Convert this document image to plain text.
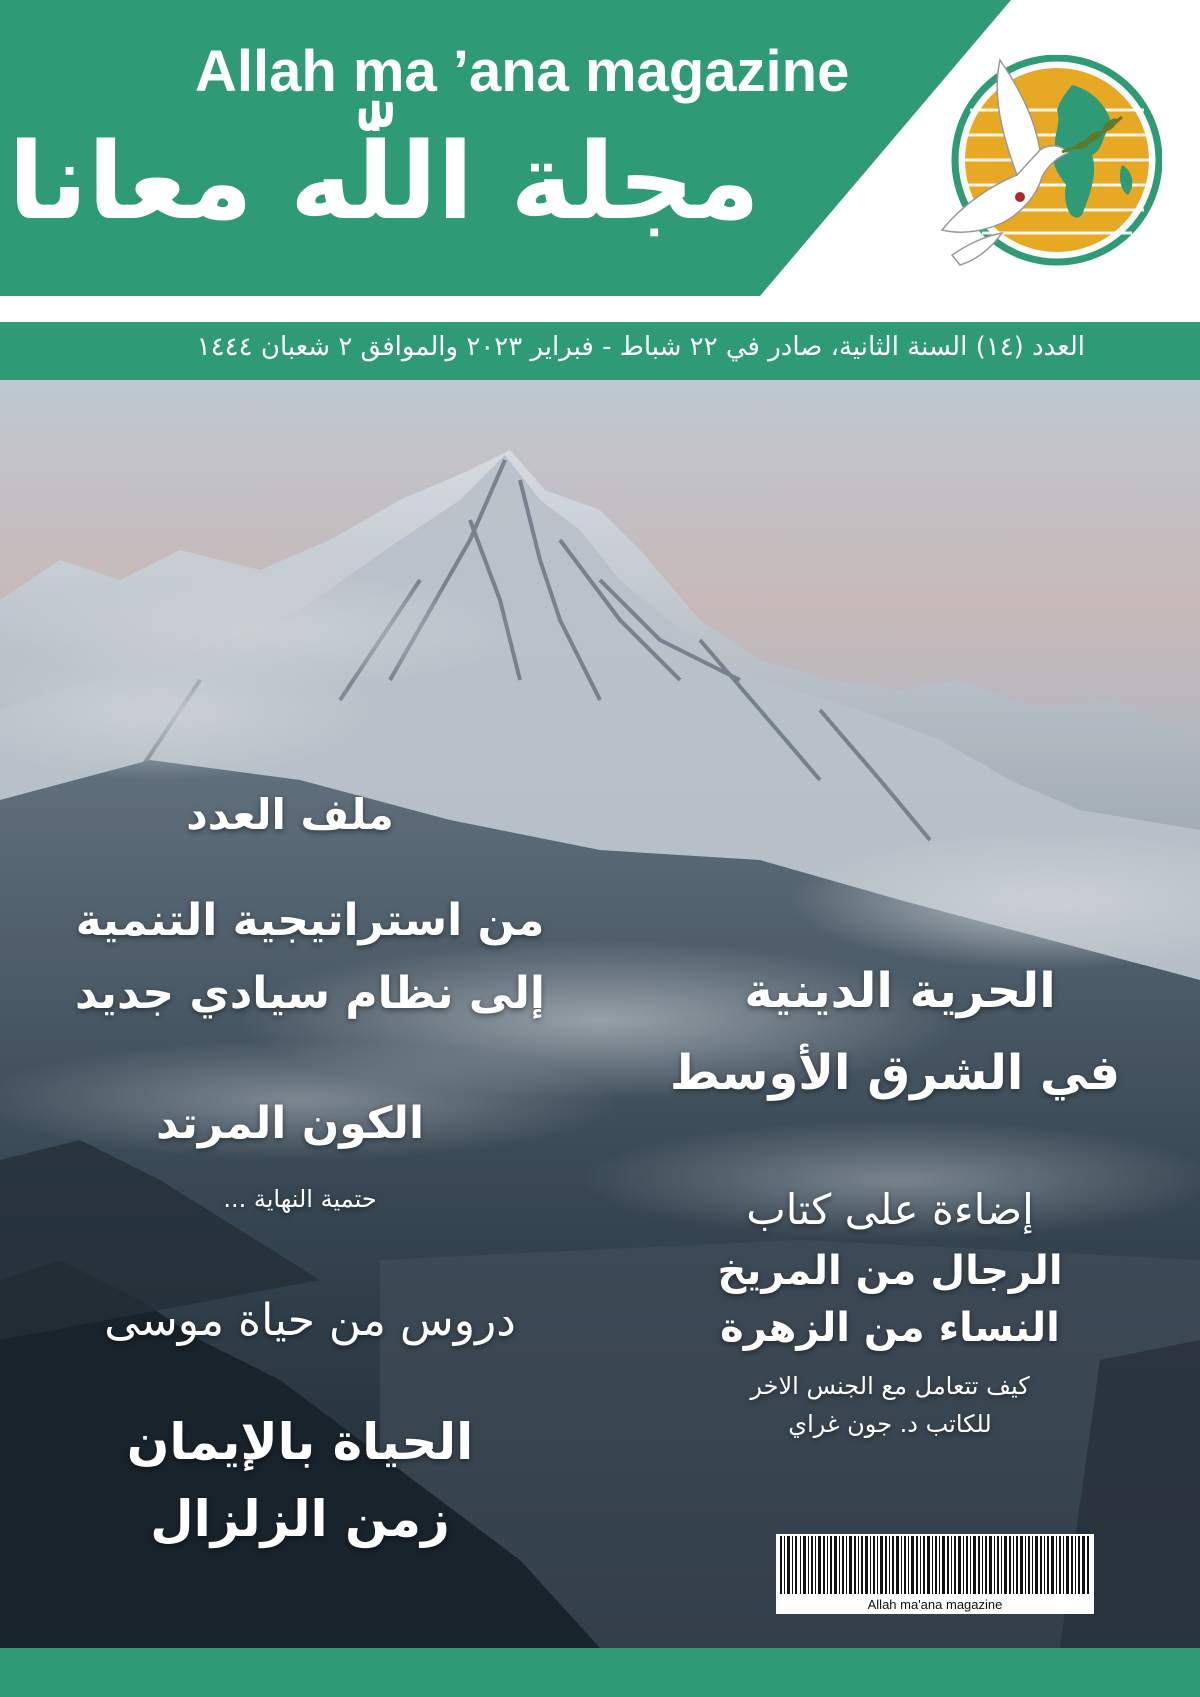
Allah ma ’ana magazine
مجلة اللّٰه معانا
العدد (١٤) السنة الثانية، صادر في ٢٢ شباط - فبراير ٢٠٢٣ والموافق ٢ شعبان ١٤٤٤
ملف العدد
من استراتيجية التنمية
إلى نظام سيادي جديد
الكون المرتد
حتمية النهاية ...
دروس من حياة موسى
الحياة بالإيمان
زمن الزلزال
الحرية الدينية
في الشرق الأوسط
إضاءة على كتاب
الرجال من المريخ
النساء من الزهرة
كيف تتعامل مع الجنس الاخر
للكاتب د. جون غراي
Allah ma'ana magazine
